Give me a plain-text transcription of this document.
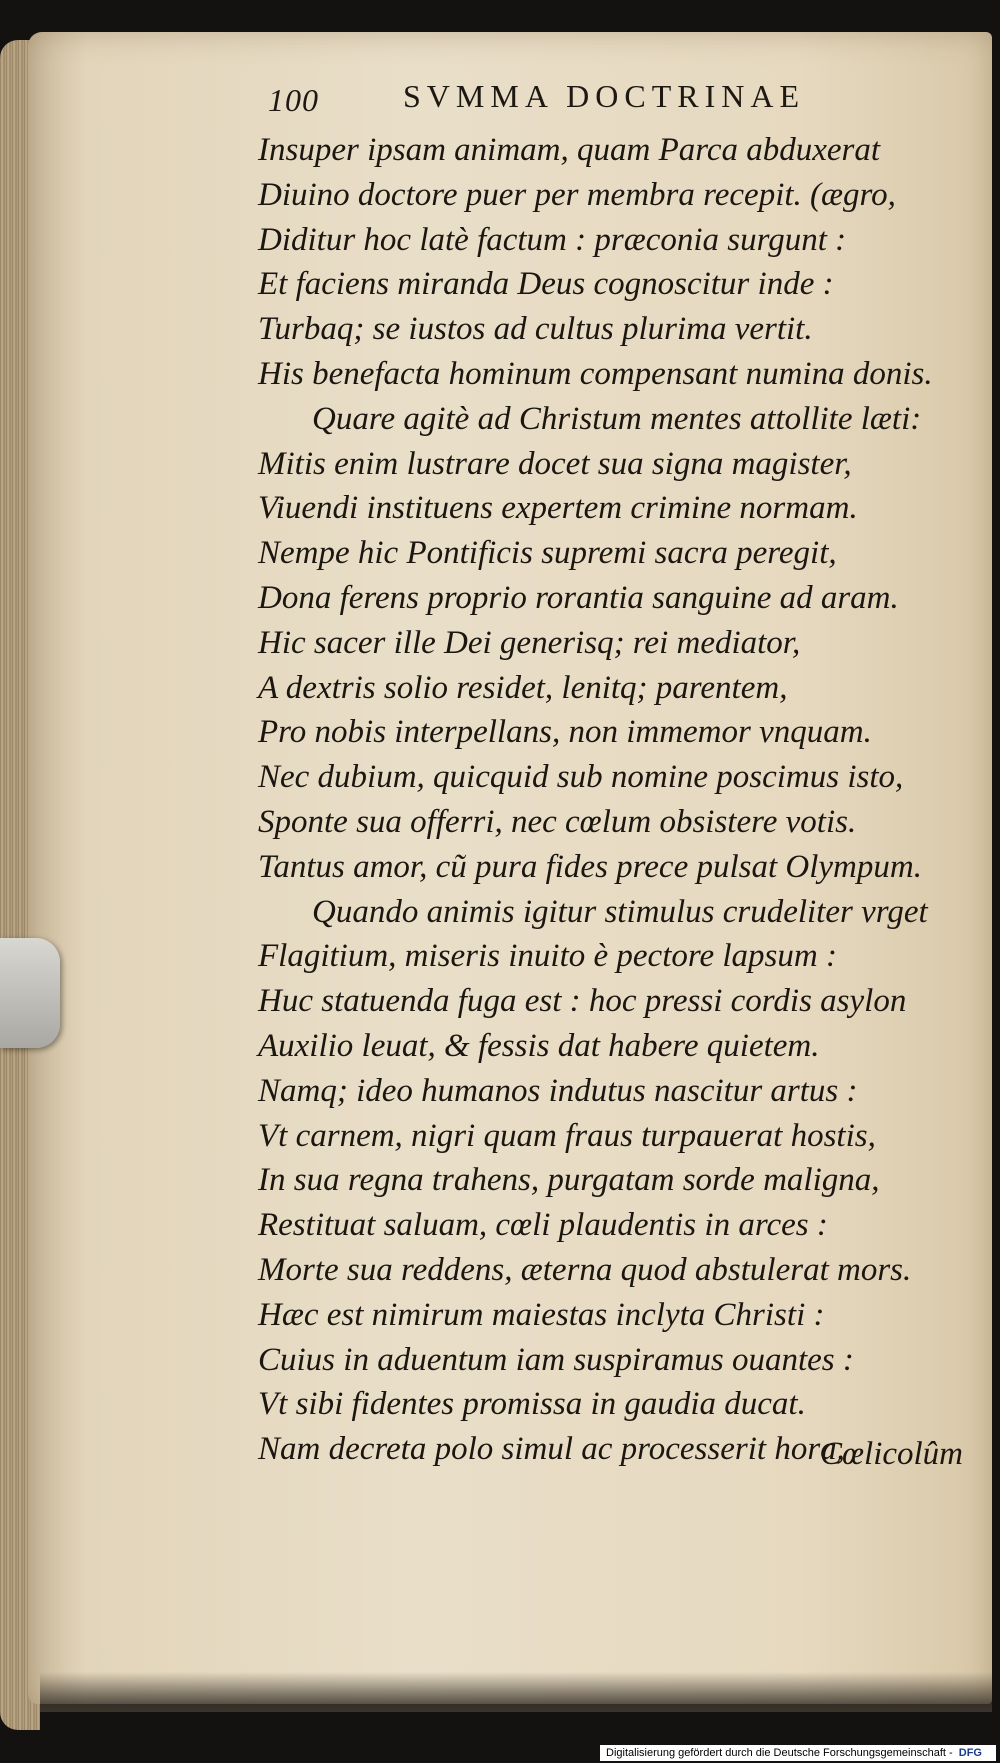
100	SVMMA DOCTRINAE
Insuper ipsam animam, quam Parca abduxerat
Diuino doctore puer per membra recepit. (ægro,
Diditur hoc latè factum : præconia surgunt :
Et faciens miranda Deus cognoscitur inde :
Turbaq; se iustos ad cultus plurima vertit.
His benefacta hominum compensant numina donis.
Quare agitè ad Christum mentes attollite læti:
Mitis enim lustrare docet sua signa magister,
Viuendi instituens expertem crimine normam.
Nempe hic Pontificis supremi sacra peregit,
Dona ferens proprio rorantia sanguine ad aram.
Hic sacer ille Dei generisq; rei mediator,
A dextris solio residet, lenitq; parentem,
Pro nobis interpellans, non immemor vnquam.
Nec dubium, quicquid sub nomine poscimus isto,
Sponte sua offerri, nec cœlum obsistere votis.
Tantus amor, cũ pura fides prece pulsat Olympum.
Quando animis igitur stimulus crudeliter vrget
Flagitium, miseris inuito è pectore lapsum :
Huc statuenda fuga est : hoc pressi cordis asylon
Auxilio leuat, & fessis dat habere quietem.
Namq; ideo humanos indutus nascitur artus :
Vt carnem, nigri quam fraus turpauerat hostis,
In sua regna trahens, purgatam sorde maligna,
Restituat saluam, cœli plaudentis in arces :
Morte sua reddens, æterna quod abstulerat mors.
Hæc est nimirum maiestas inclyta Christi :
Cuius in aduentum iam suspiramus ouantes :
Vt sibi fidentes promissa in gaudia ducat.
Nam decreta polo simul ac processerit hora,
Cœlicolûm
Digitalisierung gefördert durch die Deutsche Forschungsgemeinschaft - DFG
